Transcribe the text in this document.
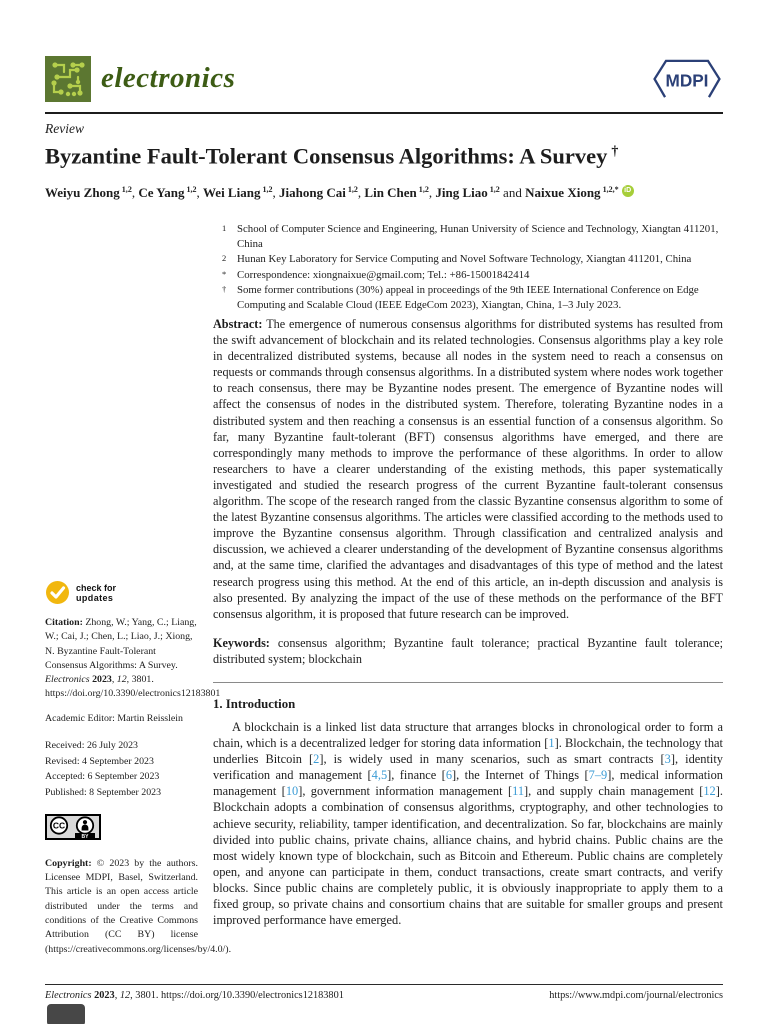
electronics	MDPI
Review
Byzantine Fault-Tolerant Consensus Algorithms: A Survey †
Weiyu Zhong $^{1,2}$, Ce Yang $^{1,2}$, Wei Liang $^{1,2}$, Jiahong Cai $^{1,2}$, Lin Chen $^{1,2}$, Jing Liao $^{1,2}$ and Naixue Xiong $^{1,2,*}$ iD
1 School of Computer Science and Engineering, Hunan University of Science and Technology, Xiangtan 411201, China
2 Hunan Key Laboratory for Service Computing and Novel Software Technology, Xiangtan 411201, China
* Correspondence: xiongnaixue@gmail.com; Tel.: +86-15001842414
† Some former contributions (30%) appeal in proceedings of the 9th IEEE International Conference on Edge Computing and Scalable Cloud (IEEE EdgeCom 2023), Xiangtan, China, 1–3 July 2023.
check for
updates

Citation: Zhong, W.; Yang, C.; Liang, W.; Cai, J.; Chen, L.; Liao, J.; Xiong, N. Byzantine Fault-Tolerant Consensus Algorithms: A Survey. Electronics 2023, 12, 3801. https://doi.org/10.3390/electronics12183801

Academic Editor: Martin Reisslein

Received: 26 July 2023
Revised: 4 September 2023
Accepted: 6 September 2023
Published: 8 September 2023
CC
BY

Copyright: © 2023 by the authors. Licensee MDPI, Basel, Switzerland. This article is an open access article distributed under the terms and conditions of the Creative Commons Attribution (CC BY) license (https://creativecommons.org/licenses/by/4.0/).

Abstract: The emergence of numerous consensus algorithms for distributed systems has resulted from the swift advancement of blockchain and its related technologies. Consensus algorithms play a key role in decentralized distributed systems, because all nodes in the system need to reach a consensus on requests or commands through consensus algorithms. In a distributed system where nodes work together to reach consensus, there may be Byzantine nodes present. The emergence of Byzantine nodes will affect the consensus of nodes in the distributed system. Therefore, tolerating Byzantine nodes in a distributed system and then reaching a consensus is an essential function of a consensus algorithm. So far, many Byzantine fault-tolerant (BFT) consensus algorithms have emerged, and there are correspondingly many methods to improve the performance of these algorithms. In order to allow researchers to have a clearer understanding of the existing methods, this paper systematically investigated and studied the research progress of the current Byzantine fault-tolerant consensus algorithm. The scope of the research ranged from the classic Byzantine consensus algorithm to some of the latest Byzantine consensus algorithms. The articles were classified according to the methods used to improve the Byzantine consensus algorithm. Through classification and centralized analysis and discussion, we achieved a clearer understanding of the development of Byzantine consensus algorithms and, at the same time, clarified the advantages and disadvantages of this type of method and the latest research progress using this method. At the end of this article, an in-depth discussion and analysis is also presented. By analyzing the impact of the use of these methods on the performance of the BFT consensus algorithm, it is proposed that future research can be improved.

Keywords: consensus algorithm; Byzantine fault tolerance; practical Byzantine fault tolerance; distributed system; blockchain

1. Introduction

A blockchain is a linked list data structure that arranges blocks in chronological order to form a chain, which is a decentralized ledger for storing data information [1]. Blockchain, the technology that underlies Bitcoin [2], is widely used in many scenarios, such as smart contracts [3], identity verification and management [4,5], finance [6], the Internet of Things [7–9], medical information management [10], government information management [11], and supply chain management [12]. Blockchain adopts a combination of consensus algorithms, cryptography, and other technologies to achieve security, reliability, tamper identification, and decentralization. So far, blockchains are mainly divided into public chains, private chains, alliance chains, and hybrid chains. Public chains are the most widely known type of blockchain, such as Bitcoin and Ethereum. Public chains are completely open, and anyone can participate in them, conduct transactions, create smart contracts, and verify blocks. Since public chains are completely public, it is obviously inappropriate to apply them to a fixed group, so private chains and consortium chains that are suitable for smaller groups and present improved performance have emerged.

Electronics 2023, 12, 3801. https://doi.org/10.3390/electronics12183801	https://www.mdpi.com/journal/electronics
